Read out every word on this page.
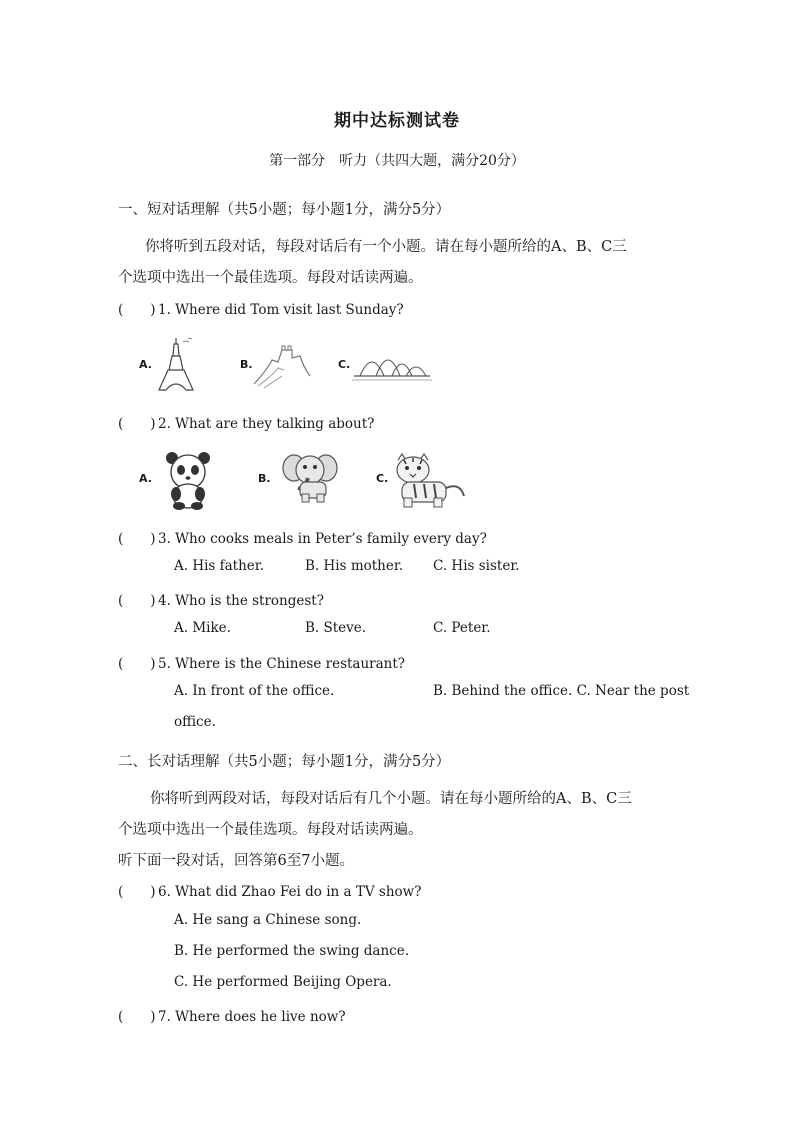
期中达标测试卷
第一部分　听力（共四大题，满分20分）
一、短对话理解（共5小题；每小题1分，满分5分）
你将听到五段对话，每段对话后有一个小题。请在每小题所给的A、B、C三
个选项中选出一个最佳选项。每段对话读两遍。
(　　) 1. Where did Tom visit last Sunday?
A.	B.	C.
(　　) 2. What are they talking about?
A.	B.	C.
(　　) 3. Who cooks meals in Peter’s family every day?
A. His father.	B. His mother. C. His sister.
(　　) 4. Who is the strongest?
A. Mike.	B. Steve.	C. Peter.
(　　) 5. Where is the Chinese restaurant?
A. In front of the office.	B. Behind the office. C. Near the post
office.
二、长对话理解（共5小题；每小题1分，满分5分）
你将听到两段对话，每段对话后有几个小题。请在每小题所给的A、B、C三
个选项中选出一个最佳选项。每段对话读两遍。
听下面一段对话，回答第6至7小题。
(　　) 6. What did Zhao Fei do in a TV show?
A. He sang a Chinese song.
B. He performed the swing dance.
C. He performed Beijing Opera.
(　　) 7. Where does he live now?
